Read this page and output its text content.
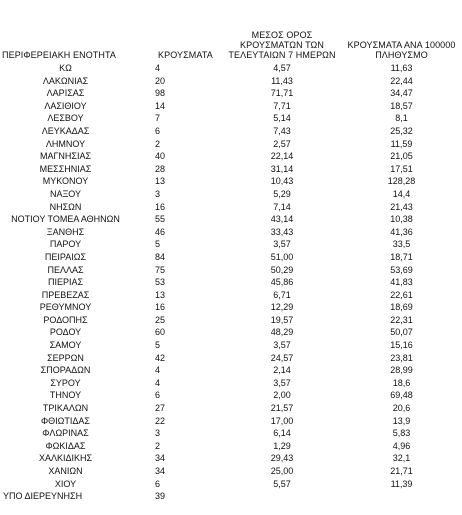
ΠΕΡΙΦΕΡΕΙΑΚΗ ΕΝΟΤΗΤΑ	ΚΡΟΥΣΜΑΤΑ	ΜΕΣΟΣ ΟΡΟΣ
ΚΡΟΥΣΜΑΤΩΝ ΤΩΝ
ΤΕΛΕΥΤΑΙΩΝ 7 ΗΜΕΡΩΝ	ΚΡΟΥΣΜΑΤΑ ΑΝΑ 100000
ΠΛΗΘΥΣΜΟ

ΚΩ	4	4,57	11,63
ΛΑΚΩΝΙΑΣ	20	11,43	22,44
ΛΑΡΙΣΑΣ	98	71,71	34,47
ΛΑΣΙΘΙΟΥ	14	7,71	18,57
ΛΕΣΒΟΥ	7	5,14	8,1
ΛΕΥΚΑΔΑΣ	6	7,43	25,32
ΛΗΜΝΟΥ	2	2,57	11,59
ΜΑΓΝΗΣΙΑΣ	40	22,14	21,05
ΜΕΣΣΗΝΙΑΣ	28	31,14	17,51
ΜΥΚΟΝΟΥ	13	10,43	128,28
ΝΑΞΟΥ	3	5,29	14,4
ΝΗΣΩΝ	16	7,14	21,43
ΝΟΤΙΟΥ ΤΟΜΕΑ ΑΘΗΝΩΝ	55	43,14	10,38
ΞΑΝΘΗΣ	46	33,43	41,36
ΠΑΡΟΥ	5	3,57	33,5
ΠΕΙΡΑΙΩΣ	84	51,00	18,71
ΠΕΛΛΑΣ	75	50,29	53,69
ΠΙΕΡΙΑΣ	53	45,86	41,83
ΠΡΕΒΕΖΑΣ	13	6,71	22,61
ΡΕΘΥΜΝΟΥ	16	12,29	18,69
ΡΟΔΟΠΗΣ	25	19,57	22,31
ΡΟΔΟΥ	60	48,29	50,07
ΣΑΜΟΥ	5	3,57	15,16
ΣΕΡΡΩΝ	42	24,57	23,81
ΣΠΟΡΑΔΩΝ	4	2,14	28,99
ΣΥΡΟΥ	4	3,57	18,6
ΤΗΝΟΥ	6	2,00	69,48
ΤΡΙΚΑΛΩΝ	27	21,57	20,6
ΦΘΙΩΤΙΔΑΣ	22	17,00	13,9
ΦΛΩΡΙΝΑΣ	3	6,14	5,83
ΦΩΚΙΔΑΣ	2	1,29	4,96
ΧΑΛΚΙΔΙΚΗΣ	34	29,43	32,1
ΧΑΝΙΩΝ	34	25,00	21,71
ΧΙΟΥ	6	5,57	11,39
ΥΠΟ ΔΙΕΡΕΥΝΗΣΗ	39		
